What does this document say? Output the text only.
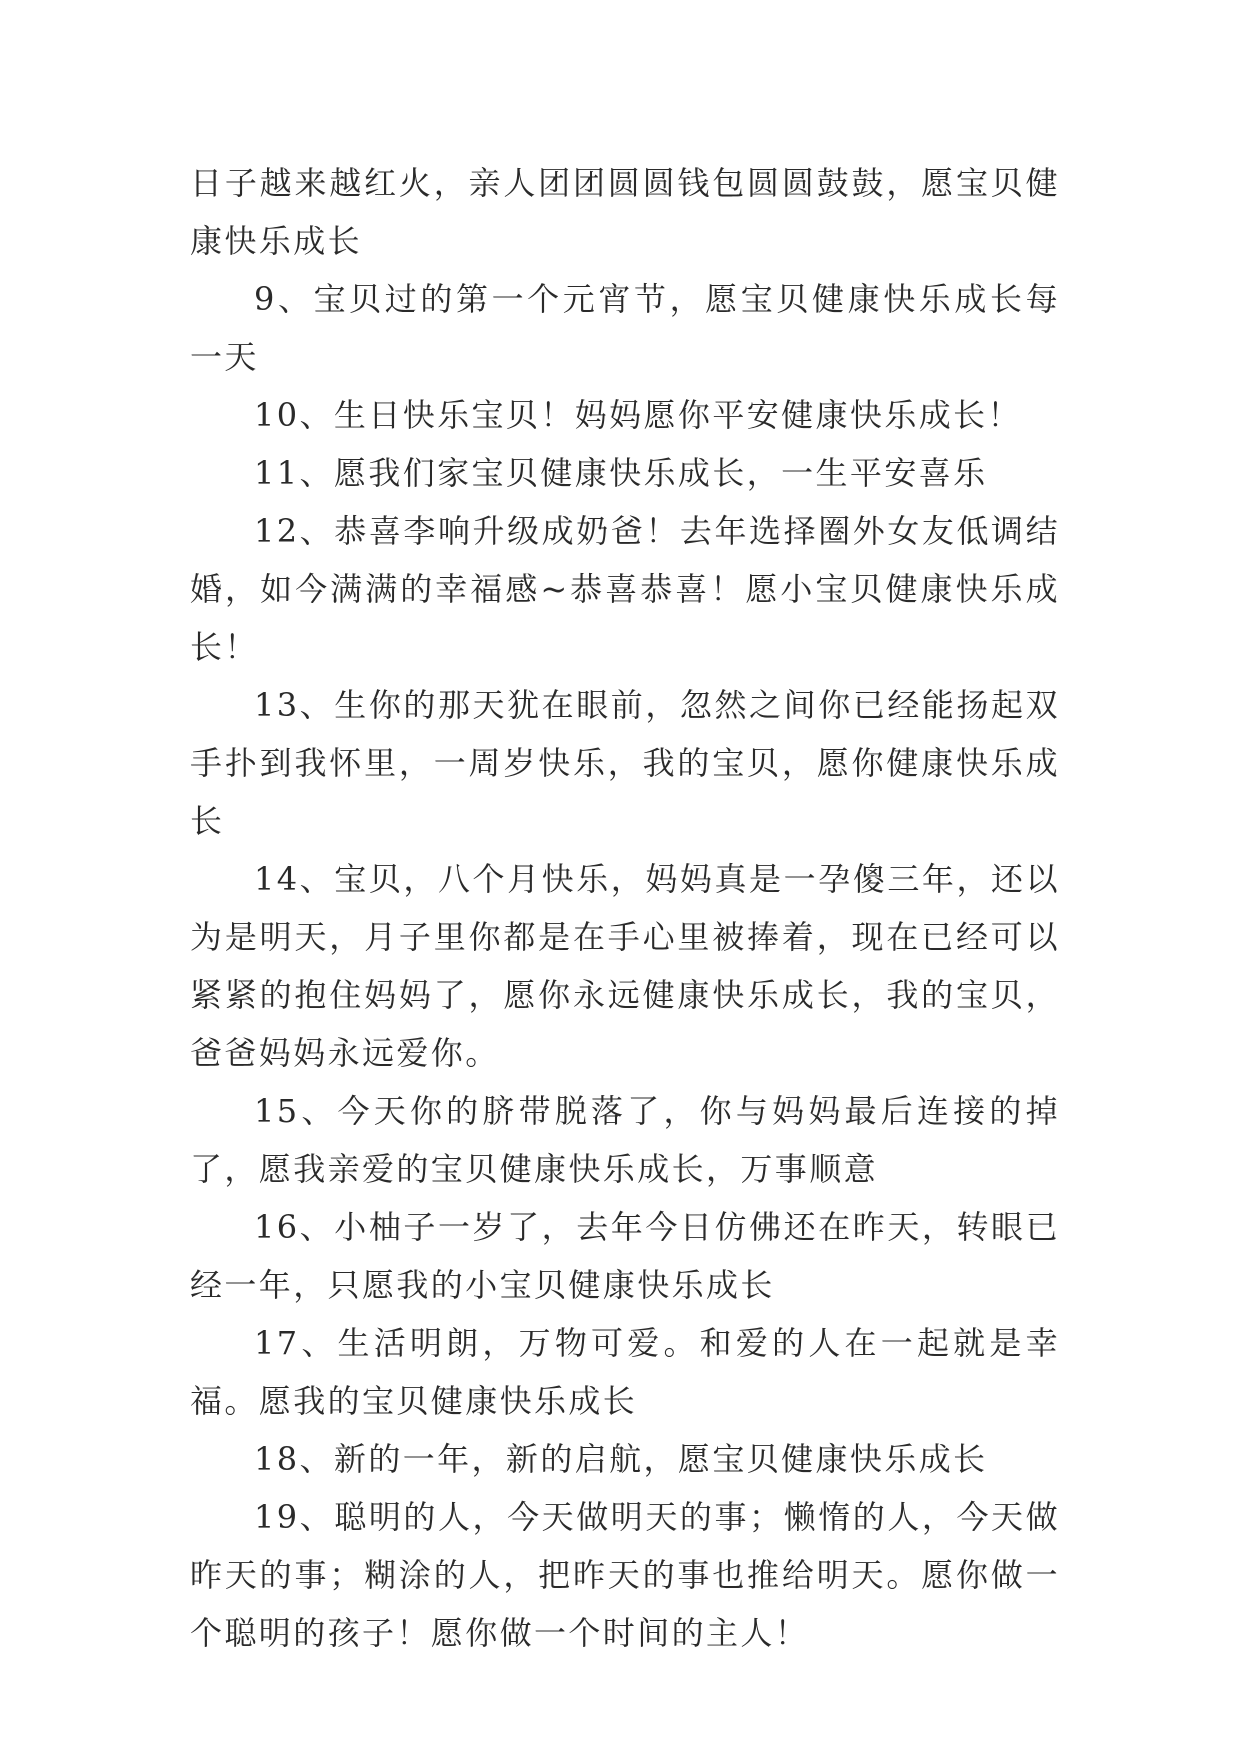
日子越来越红火，亲人团团圆圆钱包圆圆鼓鼓，愿宝贝健康快乐成长

9、宝贝过的第一个元宵节，愿宝贝健康快乐成长每一天

10、生日快乐宝贝！妈妈愿你平安健康快乐成长！

11、愿我们家宝贝健康快乐成长，一生平安喜乐

12、恭喜李响升级成奶爸！去年选择圈外女友低调结婚，如今满满的幸福感~恭喜恭喜！愿小宝贝健康快乐成长！

13、生你的那天犹在眼前，忽然之间你已经能扬起双手扑到我怀里，一周岁快乐，我的宝贝，愿你健康快乐成长

14、宝贝，八个月快乐，妈妈真是一孕傻三年，还以为是明天，月子里你都是在手心里被捧着，现在已经可以紧紧的抱住妈妈了，愿你永远健康快乐成长，我的宝贝，爸爸妈妈永远爱你。

15、今天你的脐带脱落了，你与妈妈最后连接的掉了，愿我亲爱的宝贝健康快乐成长，万事顺意

16、小柚子一岁了，去年今日仿佛还在昨天，转眼已经一年，只愿我的小宝贝健康快乐成长

17、生活明朗，万物可爱。和爱的人在一起就是幸福。愿我的宝贝健康快乐成长

18、新的一年，新的启航，愿宝贝健康快乐成长

19、聪明的人，今天做明天的事；懒惰的人，今天做昨天的事；糊涂的人，把昨天的事也推给明天。愿你做一个聪明的孩子！愿你做一个时间的主人！
